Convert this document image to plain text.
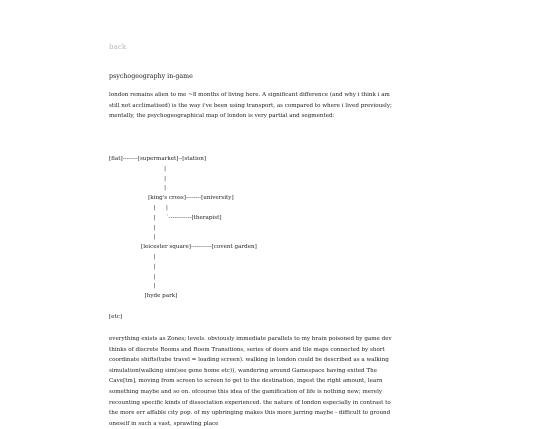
back
psychogeography in-game

london remains alien to me ~8 months of living here. A significant difference (and why i think i am still not acclimatised) is the way i've been using transport, as compared to where i lived previously; mentally, the psychogeographical map of london is very partial and segmented:

[flat]--------[supermarket]--[station]
|
|
|
[king's cross]--------[university]
|      |
|      `------------[therapist]
|
|
[leicester square]-----------[covent garden]
|
|
|
|
[hyde park]
[etc]

everything exists as Zones; levels. obviously immediate parallels to my brain poisoned by game dev thinks of discrete Rooms and Room Transitions, series of doors and tile maps connected by short coordinate shifts(tube travel = loading screen). walking in london could be described as a walking simulation(walking sim(see gone home etc)), wandering around Gamespace having exited The Cave[tm], moving from screen to screen to get to the destination, ingest the right amount, learn something maybe and so on. ofcourse this idea of the gamification of life is nothing new; merely recounting specific kinds of dissociation experienced. the nature of london especially in contrast to the more err affable city pop. of my upbringing makes this more jarring maybe - difficult to ground oneself in such a vast, sprawling place
